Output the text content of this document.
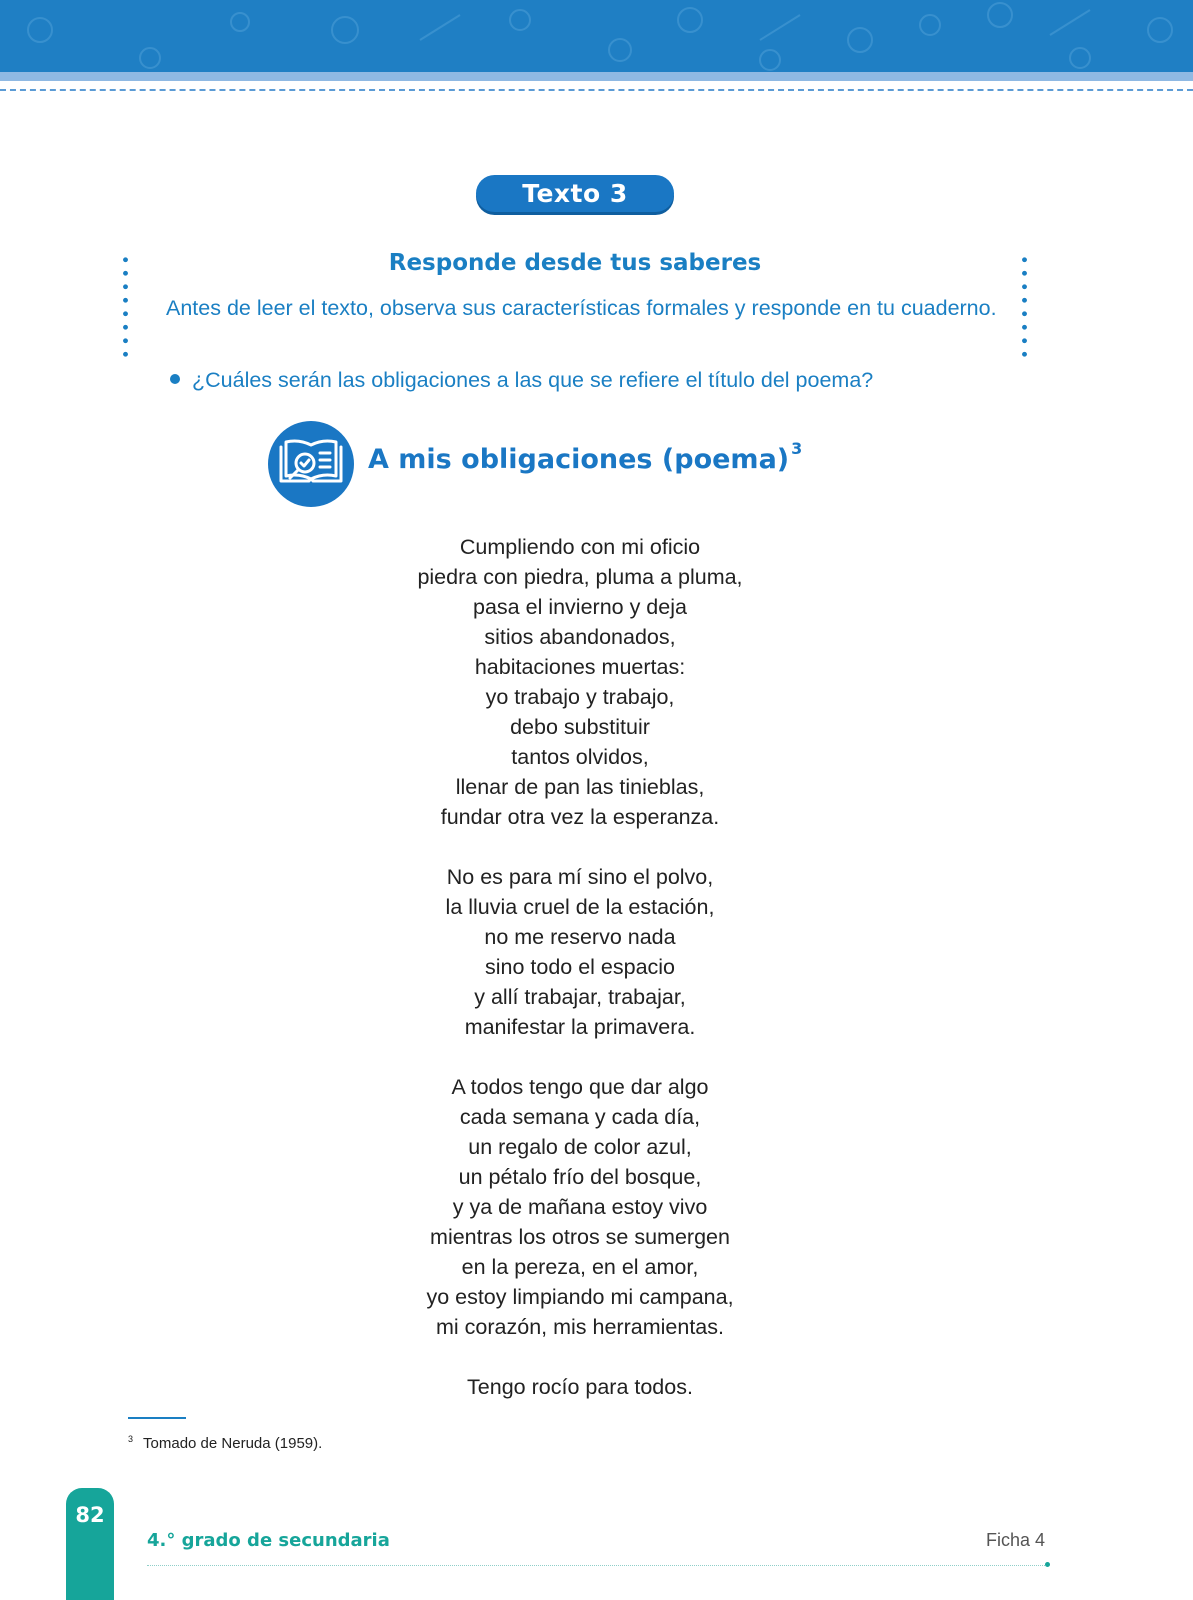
Texto 3
Responde desde tus saberes
Antes de leer el texto, observa sus características formales y responde en tu cuaderno.
¿Cuáles serán las obligaciones a las que se refiere el título del poema?
A mis obligaciones (poema) $^3$
Cumpliendo con mi oficio
piedra con piedra, pluma a pluma,
pasa el invierno y deja
sitios abandonados,
habitaciones muertas:
yo trabajo y trabajo,
debo substituir
tantos olvidos,
llenar de pan las tinieblas,
fundar otra vez la esperanza.
No es para mí sino el polvo,
la lluvia cruel de la estación,
no me reservo nada
sino todo el espacio
y allí trabajar, trabajar,
manifestar la primavera.
A todos tengo que dar algo
cada semana y cada día,
un regalo de color azul,
un pétalo frío del bosque,
y ya de mañana estoy vivo
mientras los otros se sumergen
en la pereza, en el amor,
yo estoy limpiando mi campana,
mi corazón, mis herramientas.
Tengo rocío para todos.
$^3$ Tomado de Neruda (1959).
82
4.° grado de secundaria	Ficha 4
